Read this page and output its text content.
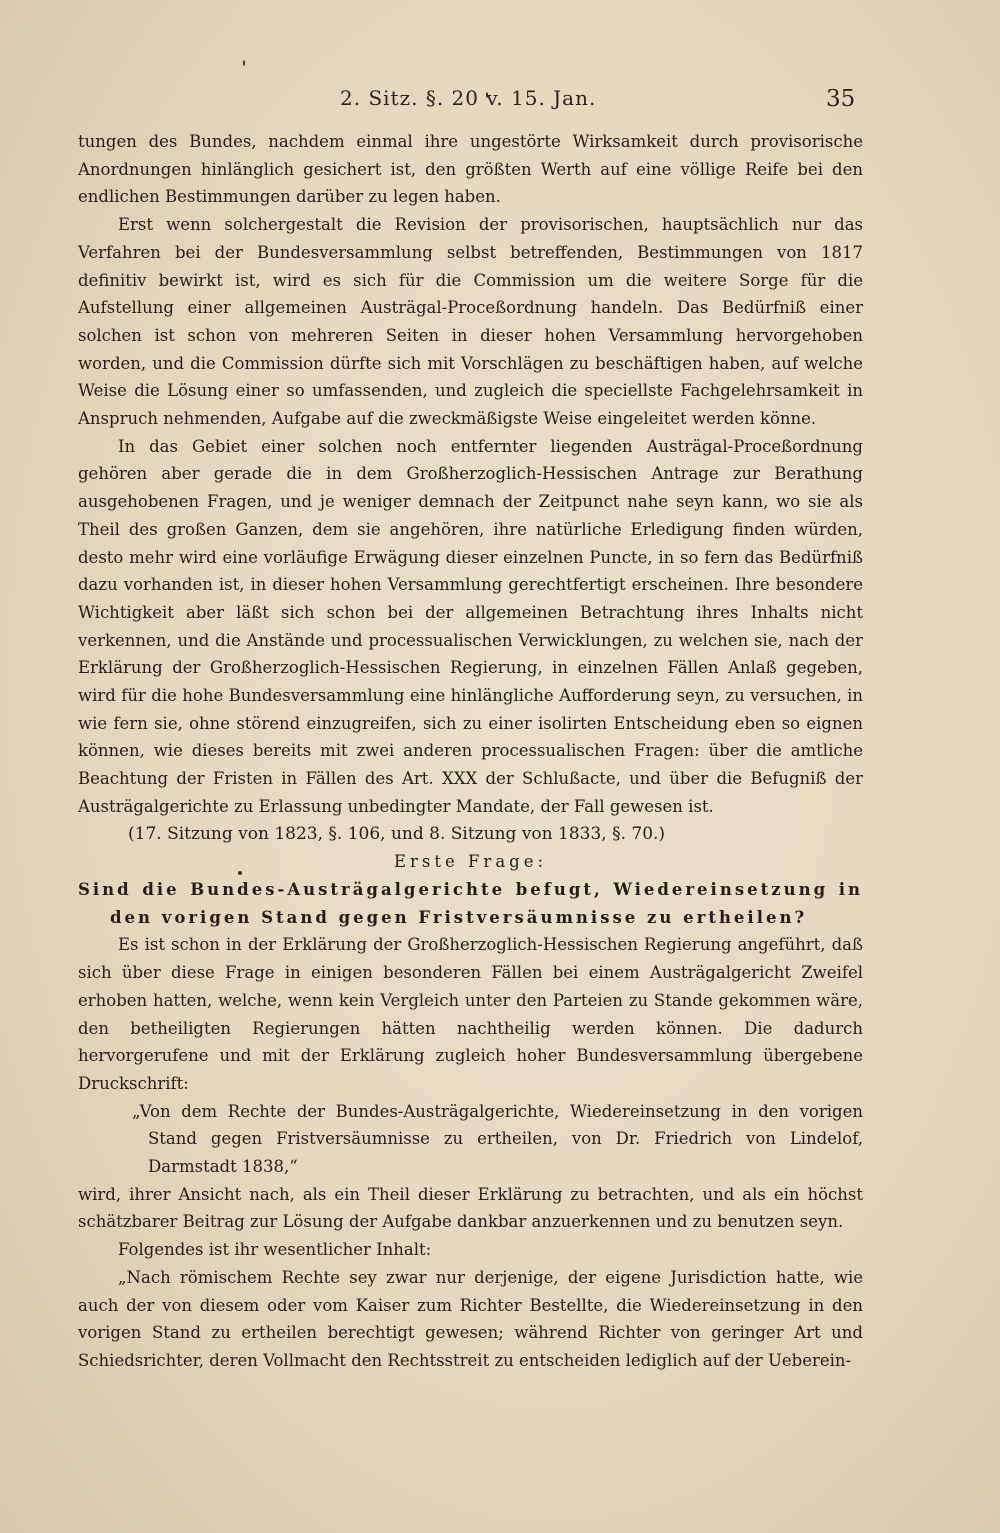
2. Sitz. §. 20 v. 15. Jan.	35

tungen des Bundes, nachdem einmal ihre ungestörte Wirksamkeit durch provisorische Anordnungen hinlänglich gesichert ist, den größten Werth auf eine völlige Reife bei den endlichen Bestimmungen darüber zu legen haben.

Erst wenn solchergestalt die Revision der provisorischen, hauptsächlich nur das Verfahren bei der Bundesversammlung selbst betreffenden, Bestimmungen von 1817 definitiv bewirkt ist, wird es sich für die Commission um die weitere Sorge für die Aufstellung einer allgemeinen Austrägal-Proceßordnung handeln. Das Bedürfniß einer solchen ist schon von mehreren Seiten in dieser hohen Versammlung hervorgehoben worden, und die Commission dürfte sich mit Vorschlägen zu beschäftigen haben, auf welche Weise die Lösung einer so umfassenden, und zugleich die speciellste Fachgelehrsamkeit in Anspruch nehmenden, Aufgabe auf die zweckmäßigste Weise eingeleitet werden könne.

In das Gebiet einer solchen noch entfernter liegenden Austrägal-Proceßordnung gehören aber gerade die in dem Großherzoglich-Hessischen Antrage zur Berathung ausgehobenen Fragen, und je weniger demnach der Zeitpunct nahe seyn kann, wo sie als Theil des großen Ganzen, dem sie angehören, ihre natürliche Erledigung finden würden, desto mehr wird eine vorläufige Erwägung dieser einzelnen Puncte, in so fern das Bedürfniß dazu vorhanden ist, in dieser hohen Versammlung gerechtfertigt erscheinen. Ihre besondere Wichtigkeit aber läßt sich schon bei der allgemeinen Betrachtung ihres Inhalts nicht verkennen, und die Anstände und processualischen Verwicklungen, zu welchen sie, nach der Erklärung der Großherzoglich-Hessischen Regierung, in einzelnen Fällen Anlaß gegeben, wird für die hohe Bundesversammlung eine hinlängliche Aufforderung seyn, zu versuchen, in wie fern sie, ohne störend einzugreifen, sich zu einer isolirten Entscheidung eben so eignen können, wie dieses bereits mit zwei anderen processualischen Fragen: über die amtliche Beachtung der Fristen in Fällen des Art. XXX der Schlußacte, und über die Befugniß der Austrägalgerichte zu Erlassung unbedingter Mandate, der Fall gewesen ist.

(17. Sitzung von 1823, §. 106, und 8. Sitzung von 1833, §. 70.)

Erste Frage:

Sind die Bundes-Austrägalgerichte befugt, Wiedereinsetzung in den vorigen Stand gegen Fristversäumnisse zu ertheilen?

Es ist schon in der Erklärung der Großherzoglich-Hessischen Regierung angeführt, daß sich über diese Frage in einigen besonderen Fällen bei einem Austrägalgericht Zweifel erhoben hatten, welche, wenn kein Vergleich unter den Parteien zu Stande gekommen wäre, den betheiligten Regierungen hätten nachtheilig werden können. Die dadurch hervorgerufene und mit der Erklärung zugleich hoher Bundesversammlung übergebene Druckschrift:

„Von dem Rechte der Bundes-Austrägalgerichte, Wiedereinsetzung in den vorigen Stand gegen Fristversäumnisse zu ertheilen, von Dr. Friedrich von Lindelof, Darmstadt 1838,“

wird, ihrer Ansicht nach, als ein Theil dieser Erklärung zu betrachten, und als ein höchst schätzbarer Beitrag zur Lösung der Aufgabe dankbar anzuerkennen und zu benutzen seyn.

Folgendes ist ihr wesentlicher Inhalt:

„Nach römischem Rechte sey zwar nur derjenige, der eigene Jurisdiction hatte, wie auch der von diesem oder vom Kaiser zum Richter Bestellte, die Wiedereinsetzung in den vorigen Stand zu ertheilen berechtigt gewesen; während Richter von geringer Art und Schiedsrichter, deren Vollmacht den Rechtsstreit zu entscheiden lediglich auf der Ueberein-
